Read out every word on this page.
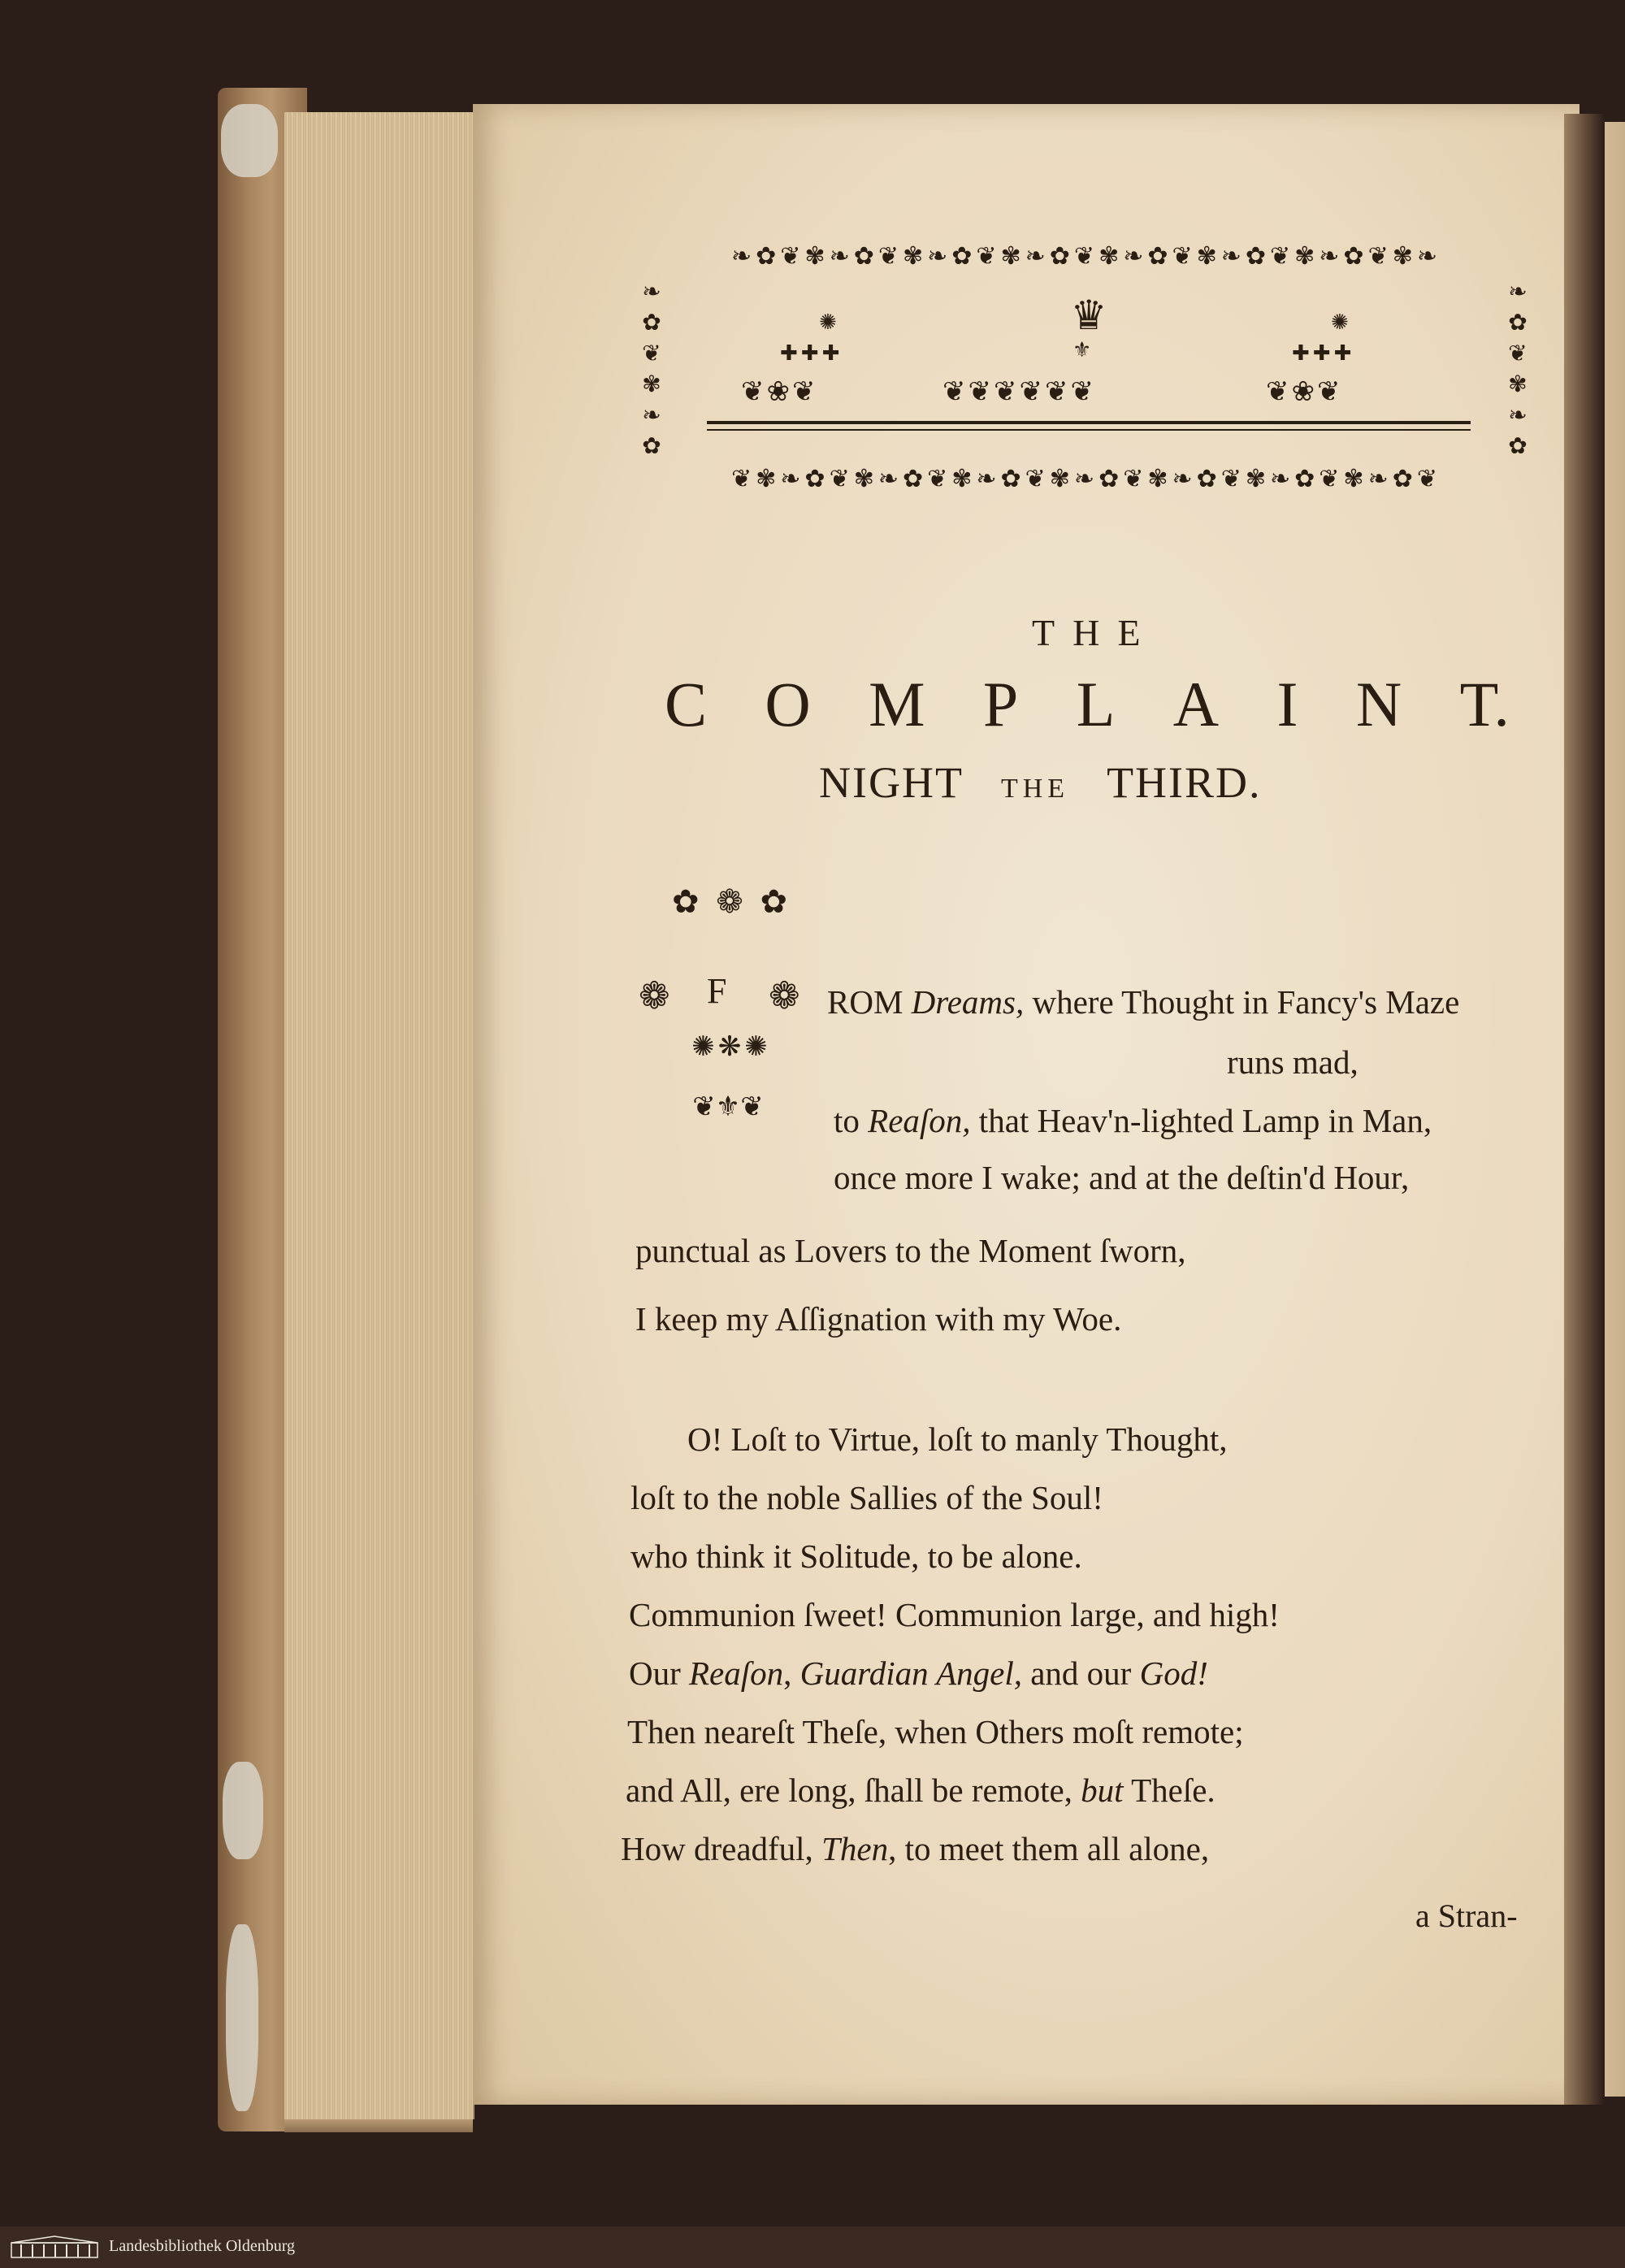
❧✿❦✾❧✿❦✾❧✿❦✾❧✿❦✾❧✿❦✾❧✿❦✾❧✿❦✾❧
❦✾❧✿❦✾❧✿❦✾❧✿❦✾❧✿❦✾❧✿❦✾❧✿❦✾❧✿❦
❧✿❦✾❧✿
❧✿❦✾❧✿
♛
⚜
✺	✺
✚✚✚	✚✚✚
❦❀❦	❦❦❦❦❦❦	❦❀❦
THE
C O M P L A I N T.
NIGHT THE THIRD.
✿ ❁ ✿
❁ F ❁
✺❋✺
❦⚜❦
ROM Dreams, where Thought in Fancy's Maze
runs mad,
to Reaſon, that Heav'n-lighted Lamp in Man,
once more I wake; and at the deſtin'd Hour,
punctual as Lovers to the Moment ſworn,
I keep my Aſſignation with my Woe.
O! Loſt to Virtue, loſt to manly Thought,
loſt to the noble Sallies of the Soul!
who think it Solitude, to be alone.
Communion ſweet! Communion large, and high!
Our Reaſon, Guardian Angel, and our God!
Then neareſt Theſe, when Others moſt remote;
and All, ere long, ſhall be remote, but Theſe.
How dreadful, Then, to meet them all alone,
a Stran-
Landesbibliothek Oldenburg
